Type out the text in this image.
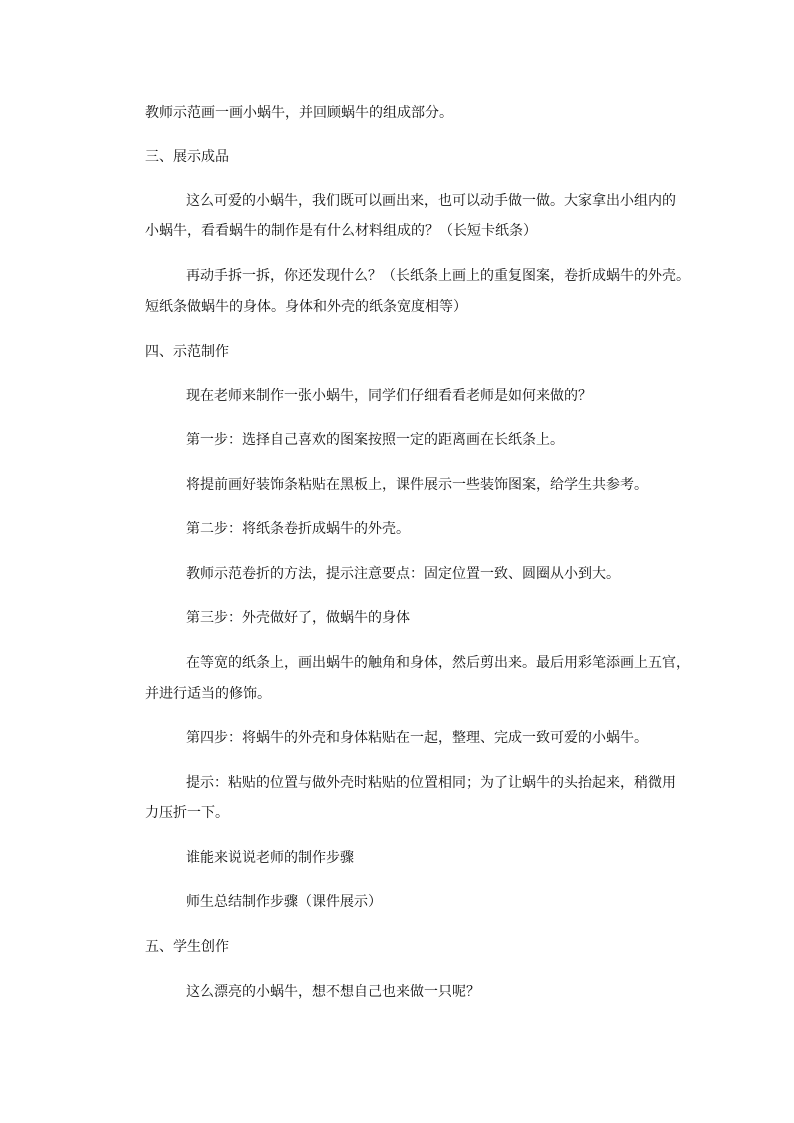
教师示范画一画小蜗牛，并回顾蜗牛的组成部分。
三、展示成品
这么可爱的小蜗牛，我们既可以画出来，也可以动手做一做。大家拿出小组内的
小蜗牛，看看蜗牛的制作是有什么材料组成的？（长短卡纸条）
再动手拆一拆，你还发现什么？（长纸条上画上的重复图案，卷折成蜗牛的外壳。
短纸条做蜗牛的身体。身体和外壳的纸条宽度相等）
四、示范制作
现在老师来制作一张小蜗牛，同学们仔细看看老师是如何来做的？
第一步：选择自己喜欢的图案按照一定的距离画在长纸条上。
将提前画好装饰条粘贴在黑板上，课件展示一些装饰图案，给学生共参考。
第二步：将纸条卷折成蜗牛的外壳。
教师示范卷折的方法，提示注意要点：固定位置一致、圆圈从小到大。
第三步：外壳做好了，做蜗牛的身体
在等宽的纸条上，画出蜗牛的触角和身体，然后剪出来。最后用彩笔添画上五官，
并进行适当的修饰。
第四步：将蜗牛的外壳和身体粘贴在一起，整理、完成一致可爱的小蜗牛。
提示：粘贴的位置与做外壳时粘贴的位置相同；为了让蜗牛的头抬起来，稍微用
力压折一下。
谁能来说说老师的制作步骤
师生总结制作步骤（课件展示）
五、学生创作
这么漂亮的小蜗牛，想不想自己也来做一只呢？
